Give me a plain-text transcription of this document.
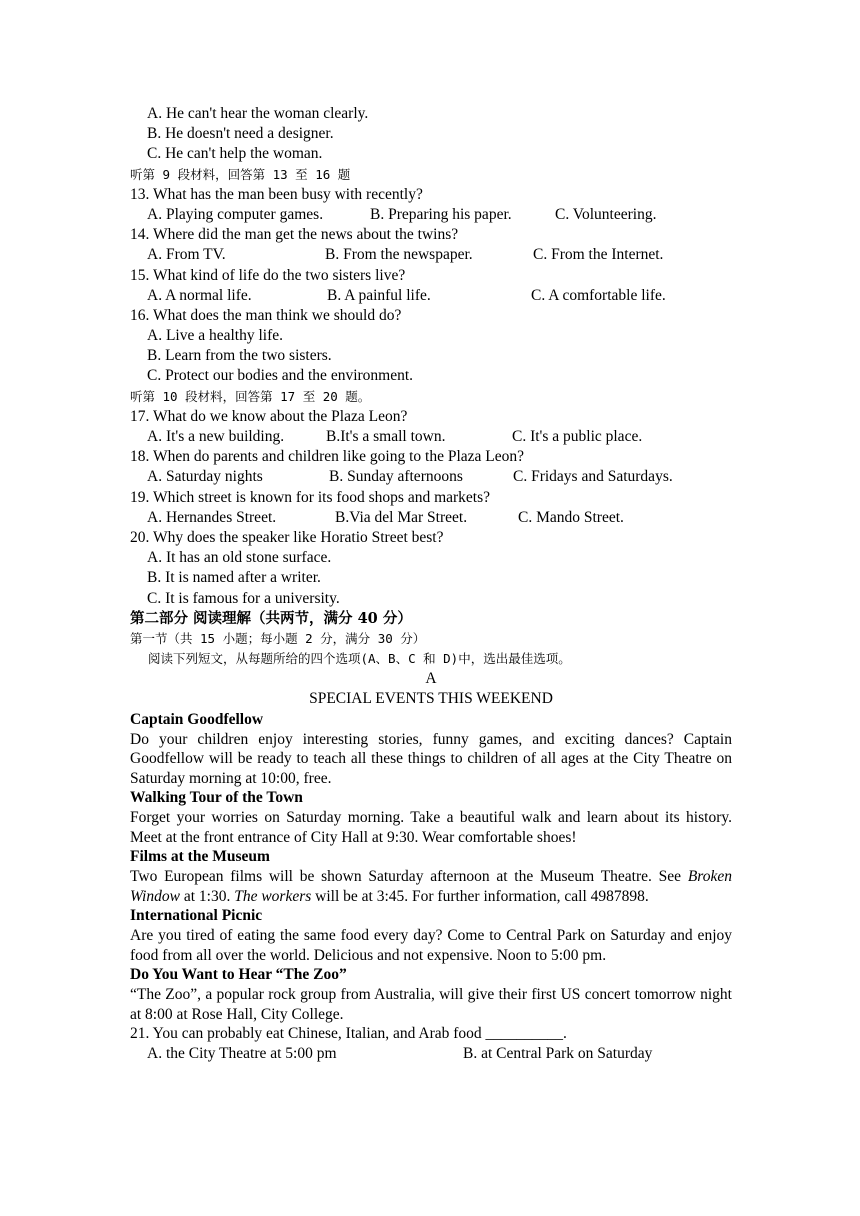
A. He can't hear the woman clearly.
B. He doesn't need a designer.
C. He can't help the woman.
听第 9 段材料，回答第 13 至 16 题
13. What has the man been busy with recently?
A. Playing computer games.	B. Preparing his paper.	C. Volunteering.
14. Where did the man get the news about the twins?
A. From TV.	B. From the newspaper.	C. From the Internet.
15. What kind of life do the two sisters live?
A. A normal life.	B. A painful life.	C. A comfortable life.
16. What does the man think we should do?
A. Live a healthy life.
B. Learn from the two sisters.
C. Protect our bodies and the environment.
听第 10 段材料，回答第 17 至 20 题。
17. What do we know about the Plaza Leon?
A. It's a new building.	B.It's a small town.	C. It's a public place.
18. When do parents and children like going to the Plaza Leon?
A. Saturday nights	B. Sunday afternoons	C. Fridays and Saturdays.
19. Which street is known for its food shops and markets?
A. Hernandes Street.	B.Via del Mar Street.	C. Mando Street.
20. Why does the speaker like Horatio Street best?
A. It has an old stone surface.
B. It is named after a writer.
C. It is famous for a university.
第二部分 阅读理解（共两节，满分 40 分）
第一节（共 15 小题；每小题 2 分，满分 30 分）
阅读下列短文，从每题所给的四个选项(A、B、C 和 D)中，选出最佳选项。
A
SPECIAL EVENTS THIS WEEKEND
Captain Goodfellow
Do your children enjoy interesting stories, funny games, and exciting dances? Captain Goodfellow will be ready to teach all these things to children of all ages at the City Theatre on Saturday morning at 10:00, free.
Walking Tour of the Town
Forget your worries on Saturday morning. Take a beautiful walk and learn about its history. Meet at the front entrance of City Hall at 9:30. Wear comfortable shoes!
Films at the Museum
Two European films will be shown Saturday afternoon at the Museum Theatre. See Broken Window at 1:30. The workers will be at 3:45. For further information, call 4987898.
International Picnic
Are you tired of eating the same food every day? Come to Central Park on Saturday and enjoy food from all over the world. Delicious and not expensive. Noon to 5:00 pm.
Do You Want to Hear “The Zoo”
“The Zoo”, a popular rock group from Australia, will give their first US concert tomorrow night at 8:00 at Rose Hall, City College.
21. You can probably eat Chinese, Italian, and Arab food __________.
A. the City Theatre at 5:00 pm	B. at Central Park on Saturday
